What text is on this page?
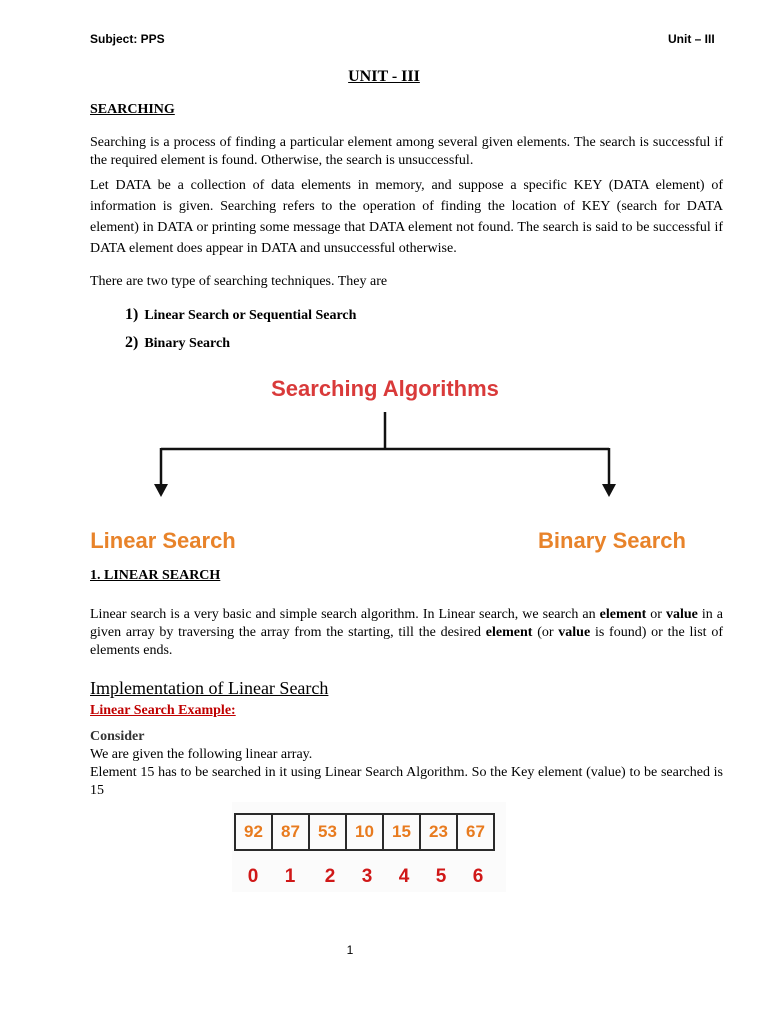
Subject: PPS	Unit – III
UNIT - III
SEARCHING

Searching is a process of finding a particular element among several given elements. The search is successful if the required element is found. Otherwise, the search is unsuccessful.

Let DATA be a collection of data elements in memory, and suppose a specific KEY (DATA element) of information is given. Searching refers to the operation of finding the location of KEY (search for DATA element) in DATA or printing some message that DATA element not found. The search is said to be successful if DATA element does appear in DATA and unsuccessful otherwise.

There are two type of searching techniques. They are

1) Linear Search or Sequential Search
2) Binary Search
Searching Algorithms
Linear Search	Binary Search
1. LINEAR SEARCH

Linear search is a very basic and simple search algorithm. In Linear search, we search an element or value in a given array by traversing the array from the starting, till the desired element (or value is found) or the list of elements ends.

Implementation of Linear Search
Linear Search Example:
Consider

We are given the following linear array.

Element 15 has to be searched in it using Linear Search Algorithm. So the Key element (value) to be searched is 15

92	87	53	10	15	23	67
0	1	2	3	4	5	6
1
